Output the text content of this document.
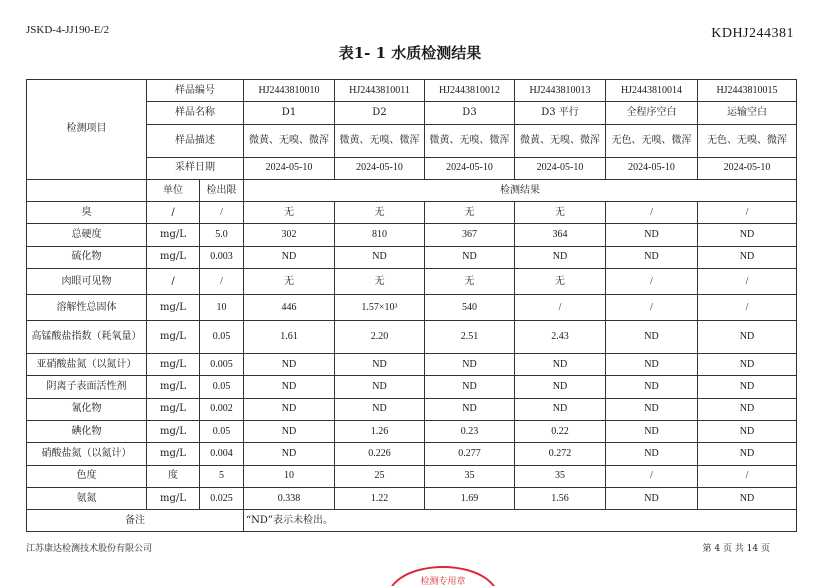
JSKD-4-JJ190-E/2	KDHJ244381
表1- 1 水质检测结果
检测项目	样品编号		HJ2443810010	HJ2443810011	HJ2443810012	HJ2443810013	HJ2443810014	HJ2443810015
	样品名称		D1	D2	D3	D3 平行	全程序空白	运输空白
	样品描述		微黄、无嗅、微浑	微黄、无嗅、微浑	微黄、无嗅、微浑	微黄、无嗅、微浑	无色、无嗅、微浑	无色、无嗅、微浑
	采样日期		2024-05-10	2024-05-10	2024-05-10	2024-05-10	2024-05-10	2024-05-10
	单位	检出限	检测结果					
臭	/	/	无	无	无	无	/	/
总硬度	mg/L	5.0	302	810	367	364	ND	ND
硫化物	mg/L	0.003	ND	ND	ND	ND	ND	ND
肉眼可见物	/	/	无	无	无	无	/	/
溶解性总固体	mg/L	10	446	1.57×10³	540	/	/	/
高锰酸盐指数（耗氧量）	mg/L	0.05	1.61	2.20	2.51	2.43	ND	ND
亚硝酸盐氮（以氮计）	mg/L	0.005	ND	ND	ND	ND	ND	ND
阴离子表面活性剂	mg/L	0.05	ND	ND	ND	ND	ND	ND
氰化物	mg/L	0.002	ND	ND	ND	ND	ND	ND
碘化物	mg/L	0.05	ND	1.26	0.23	0.22	ND	ND
硝酸盐氮（以氮计）	mg/L	0.004	ND	0.226	0.277	0.272	ND	ND
色度	度	5	10	25	35	35	/	/
氨氮	mg/L	0.025	0.338	1.22	1.69	1.56	ND	ND
备注			“ND”表示未检出。					
江苏康达检测技术股份有限公司	第 4 页 共 14 页
检测专用章
